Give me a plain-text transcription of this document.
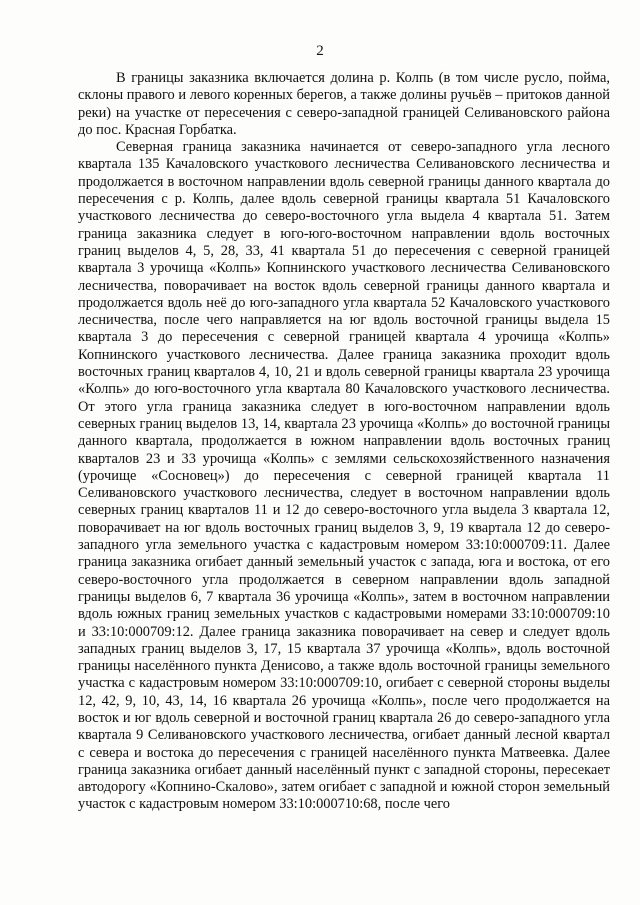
2

В границы заказника включается долина р. Колпь (в том числе русло, пойма, склоны правого и левого коренных берегов, а также долины ручьёв – притоков данной реки) на участке от пересечения с северо-западной границей Селивановского района до пос. Красная Горбатка.

Северная граница заказника начинается от северо-западного угла лесного квартала 135 Качаловского участкового лесничества Селивановского лесничества и продолжается в восточном направлении вдоль северной границы данного квартала до пересечения с р. Колпь, далее вдоль северной границы квартала 51 Качаловского участкового лесничества до северо-восточного угла выдела 4 квартала 51. Затем граница заказника следует в юго-юго-восточном направлении вдоль восточных границ выделов 4, 5, 28, 33, 41 квартала 51 до пересечения с северной границей квартала 3 урочища «Колпь» Копнинского участкового лесничества Селивановского лесничества, поворачивает на восток вдоль северной границы данного квартала и продолжается вдоль неё до юго-западного угла квартала 52 Качаловского участкового лесничества, после чего направляется на юг вдоль восточной границы выдела 15 квартала 3 до пересечения с северной границей квартала 4 урочища «Колпь» Копнинского участкового лесничества. Далее граница заказника проходит вдоль восточных границ кварталов 4, 10, 21 и вдоль северной границы квартала 23 урочища «Колпь» до юго-восточного угла квартала 80 Качаловского участкового лесничества. От этого угла граница заказника следует в юго-восточном направлении вдоль северных границ выделов 13, 14, квартала 23 урочища «Колпь» до восточной границы данного квартала, продолжается в южном направлении вдоль восточных границ кварталов 23 и 33 урочища «Колпь» с землями сельскохозяйственного назначения (урочище «Сосновец») до пересечения с северной границей квартала 11 Селивановского участкового лесничества, следует в восточном направлении вдоль северных границ кварталов 11 и 12 до северо-восточного угла выдела 3 квартала 12, поворачивает на юг вдоль восточных границ выделов 3, 9, 19 квартала 12 до северо-западного угла земельного участка с кадастровым номером 33:10:000709:11. Далее граница заказника огибает данный земельный участок с запада, юга и востока, от его северо-восточного угла продолжается в северном направлении вдоль западной границы выделов 6, 7 квартала 36 урочища «Колпь», затем в восточном направлении вдоль южных границ земельных участков с кадастровыми номерами 33:10:000709:10 и 33:10:000709:12. Далее граница заказника поворачивает на север и следует вдоль западных границ выделов 3, 17, 15 квартала 37 урочища «Колпь», вдоль восточной границы населённого пункта Денисово, а также вдоль восточной границы земельного участка с кадастровым номером 33:10:000709:10, огибает с северной стороны выделы 12, 42, 9, 10, 43, 14, 16 квартала 26 урочища «Колпь», после чего продолжается на восток и юг вдоль северной и восточной границ квартала 26 до северо-западного угла квартала 9 Селивановского участкового лесничества, огибает данный лесной квартал с севера и востока до пересечения с границей населённого пункта Матвеевка. Далее граница заказника огибает данный населённый пункт с западной стороны, пересекает автодорогу «Копнино-Скалово», затем огибает с западной и южной сторон земельный участок с кадастровым номером 33:10:000710:68, после чего
